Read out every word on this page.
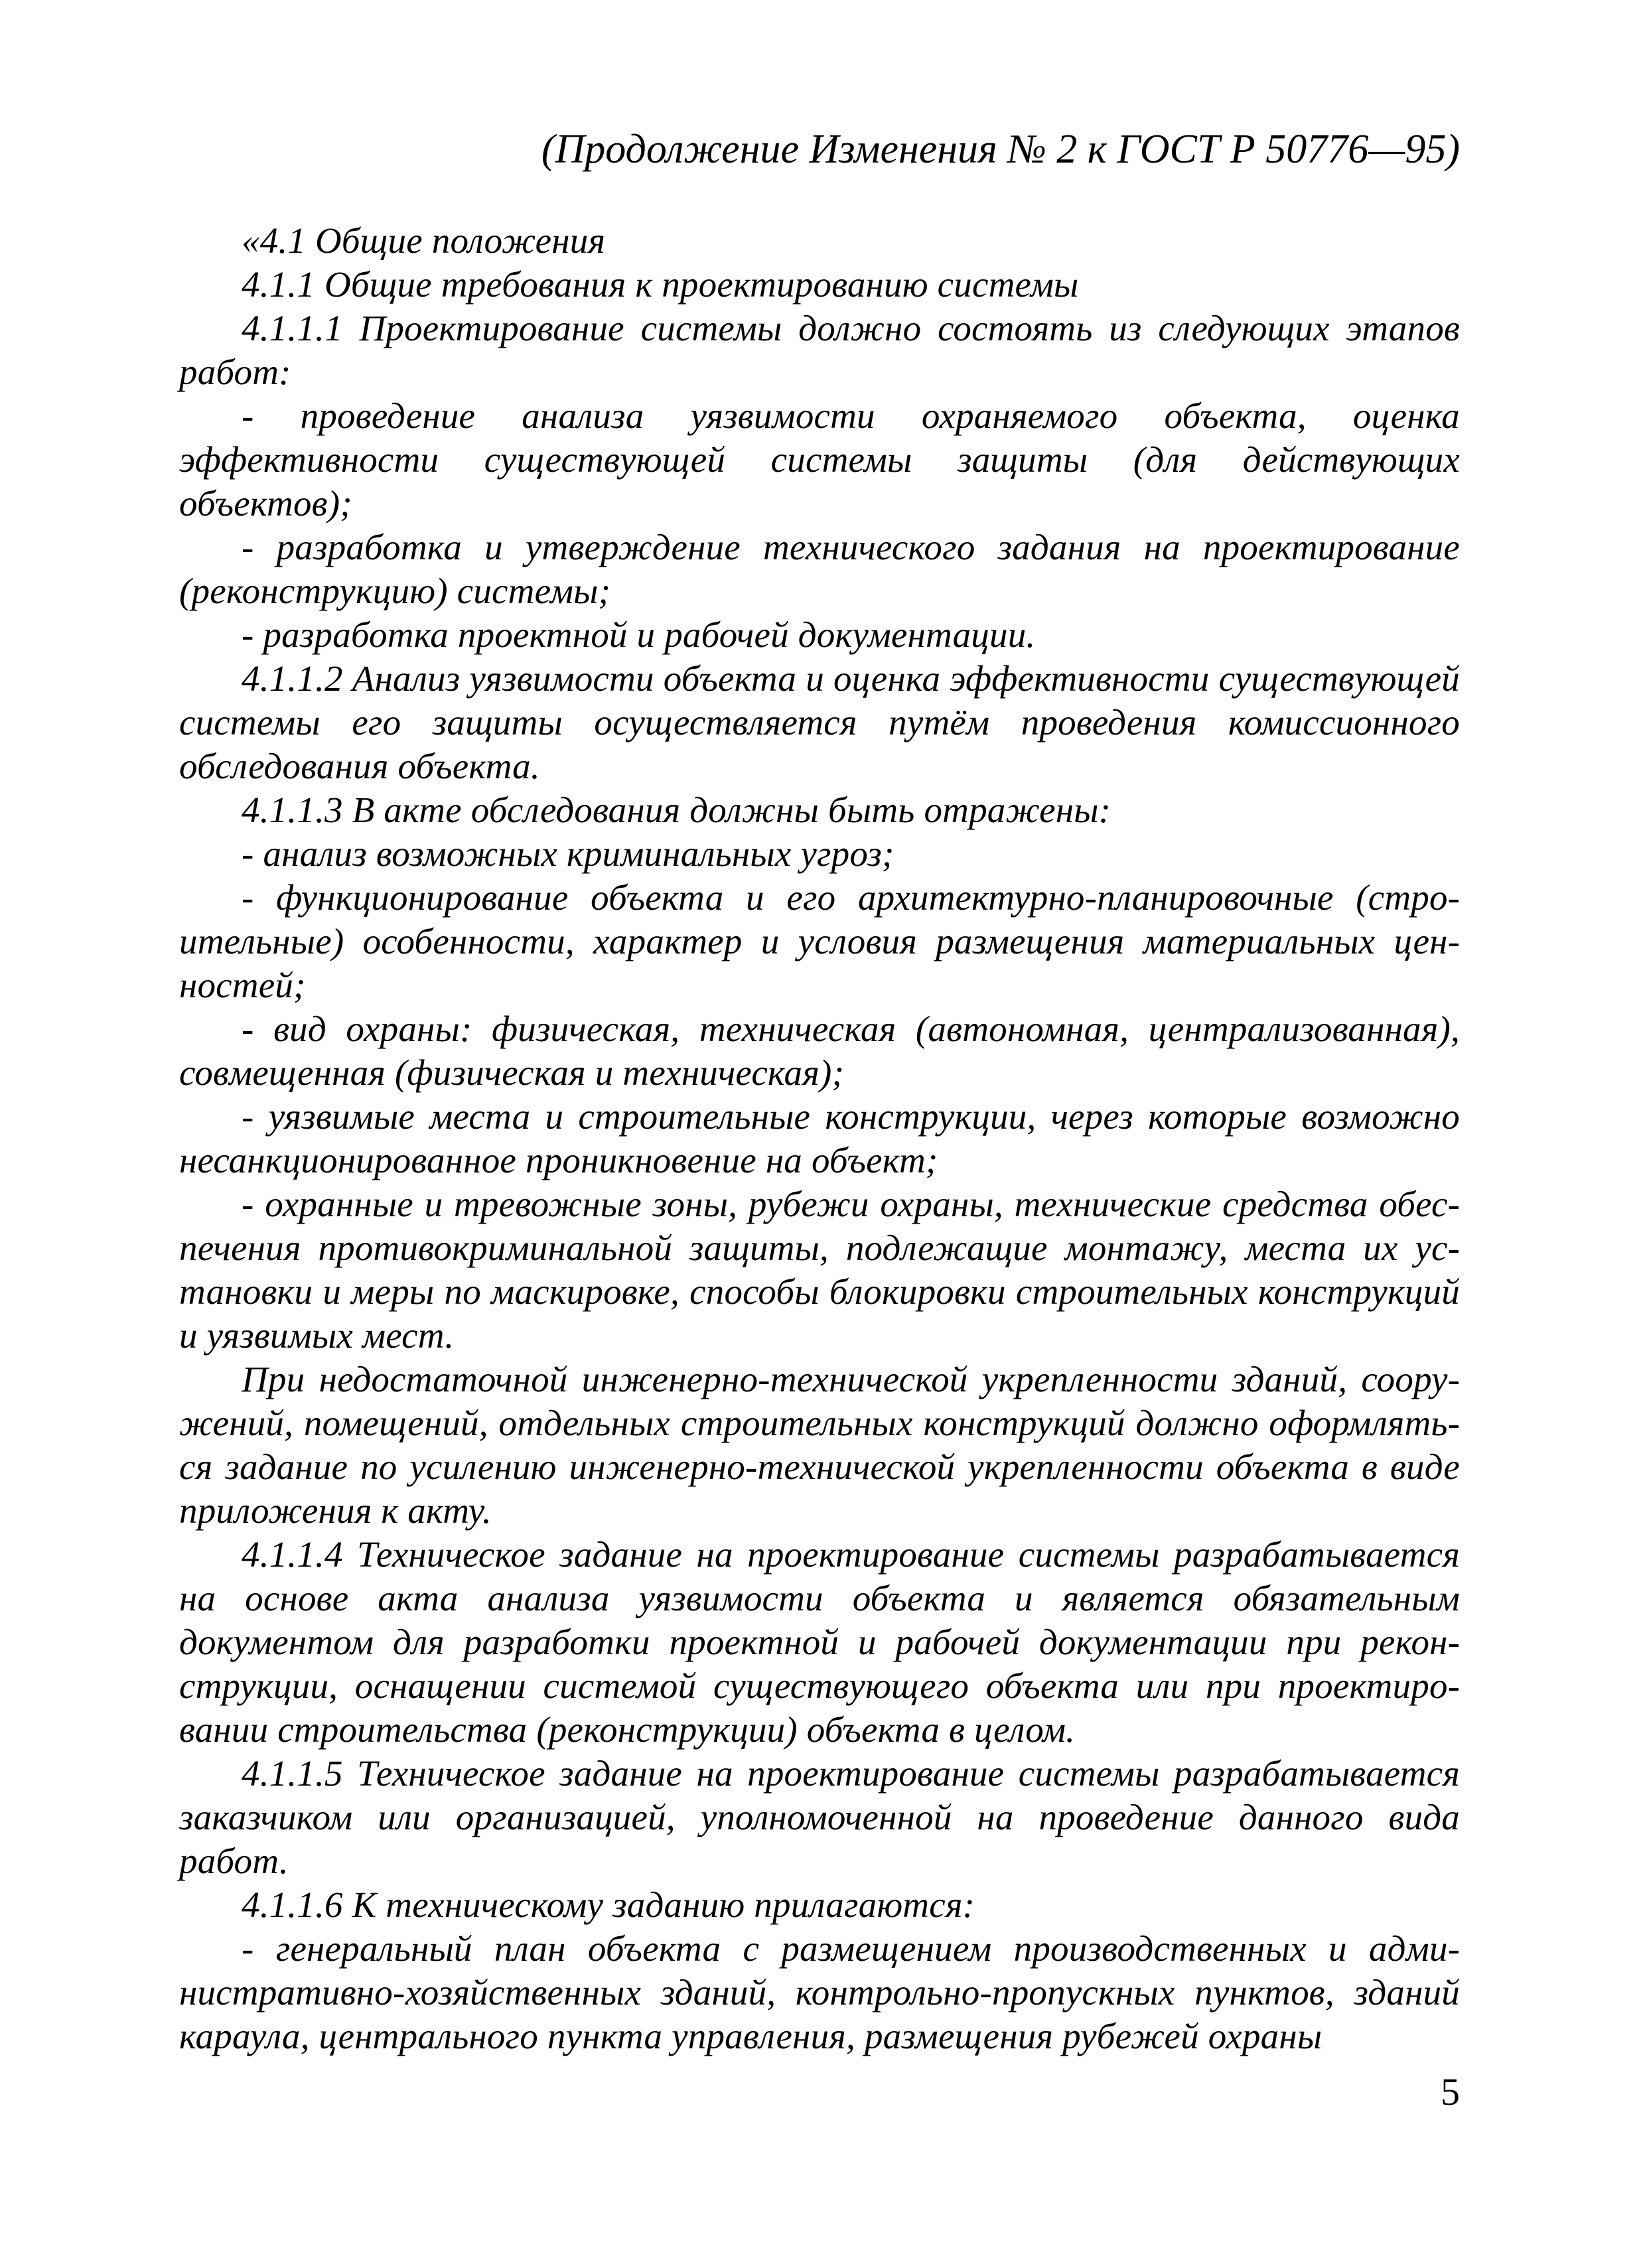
(Продолжение Изменения № 2 к ГОСТ Р 50776—95)

«4.1 Общие положения

4.1.1 Общие требования к проектированию системы

4.1.1.1 Проектирование системы должно состоять из следующих этапов работ:

- проведение анализа уязвимости охраняемого объекта, оценка эффективности существующей системы защиты (для действующих объектов);

- разработка и утверждение технического задания на проектирование (реконструкцию) системы;

- разработка проектной и рабочей документации.

4.1.1.2 Анализ уязвимости объекта и оценка эффективности существующей системы его защиты осуществляется путём проведения комиссионного обследования объекта.

4.1.1.3 В акте обследования должны быть отражены:

- анализ возможных криминальных угроз;

- функционирование объекта и его архитектурно-планировочные (строительные) особенности, характер и условия размещения материальных ценностей;

- вид охраны: физическая, техническая (автономная, централизованная), совмещенная (физическая и техническая);

- уязвимые места и строительные конструкции, через которые возможно несанкционированное проникновение на объект;

- охранные и тревожные зоны, рубежи охраны, технические средства обеспечения противокриминальной защиты, подлежащие монтажу, места их установки и меры по маскировке, способы блокировки строительных конструкций и уязвимых мест.

При недостаточной инженерно-технической укрепленности зданий, сооружений, помещений, отдельных строительных конструкций должно оформляться задание по усилению инженерно-технической укрепленности объекта в виде приложения к акту.

4.1.1.4 Техническое задание на проектирование системы разрабатывается на основе акта анализа уязвимости объекта и является обязательным документом для разработки проектной и рабочей документации при реконструкции, оснащении системой существующего объекта или при проектировании строительства (реконструкции) объекта в целом.

4.1.1.5 Техническое задание на проектирование системы разрабатывается заказчиком или организацией, уполномоченной на проведение данного вида работ.

4.1.1.6 К техническому заданию прилагаются:

- генеральный план объекта с размещением производственных и административно-хозяйственных зданий, контрольно-пропускных пунктов, зданий караула, центрального пункта управления, размещения рубежей охраны

5
